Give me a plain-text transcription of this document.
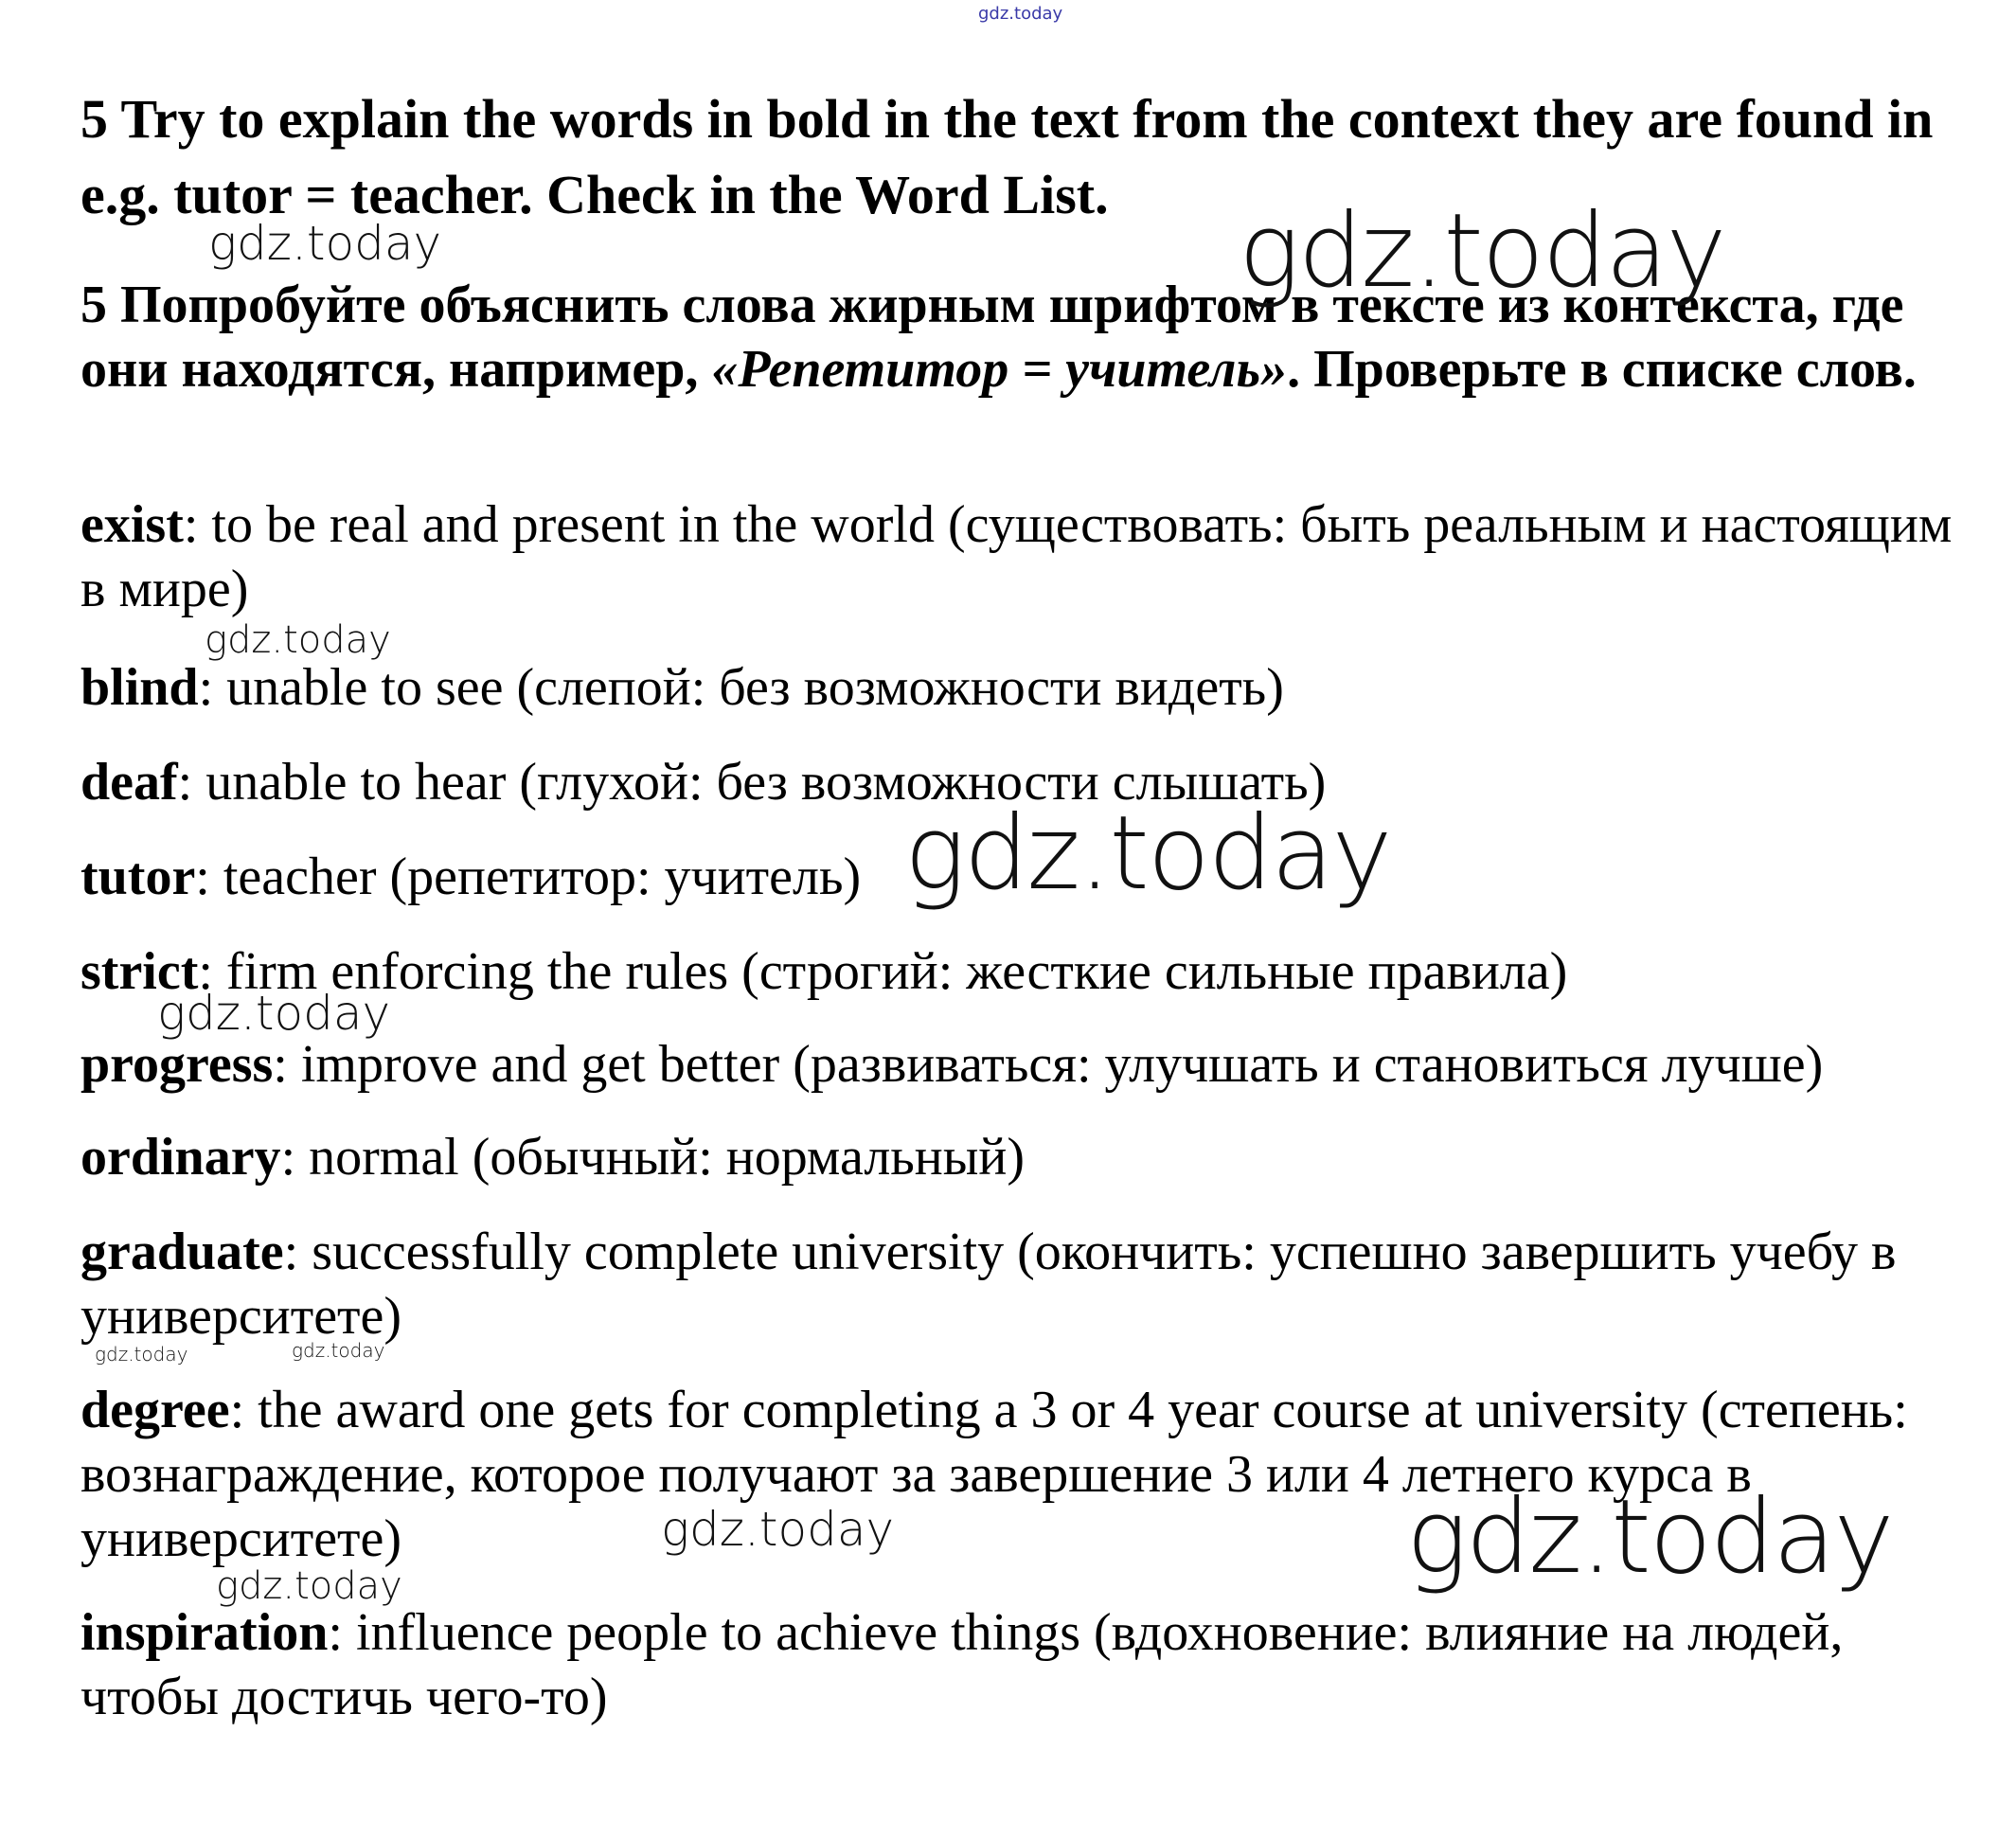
gdz.today

5 Try to explain the words in bold in the text from the context they are found in e.g. tutor = teacher. Check in the Word List.

5 Попробуйте объяснить слова жирным шрифтом в тексте из контекста, где они находятся, например, «Репетитор = учитель». Проверьте в списке слов.

exist: to be real and present in the world (существовать: быть реальным и настоящим в мире)

blind: unable to see (слепой: без возможности видеть)

deaf: unable to hear (глухой: без возможности слышать)

tutor: teacher (репетитор: учитель)

strict: firm enforcing the rules (строгий: жесткие сильные правила)

progress: improve and get better (развиваться: улучшать и становиться лучше)

ordinary: normal (обычный: нормальный)

graduate: successfully complete university (окончить: успешно завершить учебу в университете)

degree: the award one gets for completing a 3 or 4 year course at university (степень: вознаграждение, которое получают за завершение 3 или 4 летнего курса в университете)

inspiration: influence people to achieve things (вдохновение: влияние на людей, чтобы достичь чего-то)

gdz.today	gdz.today
gdz.today
gdz.today
gdz.today
gdz.today	gdz.today
gdz.today	gdz.today
gdz.today
